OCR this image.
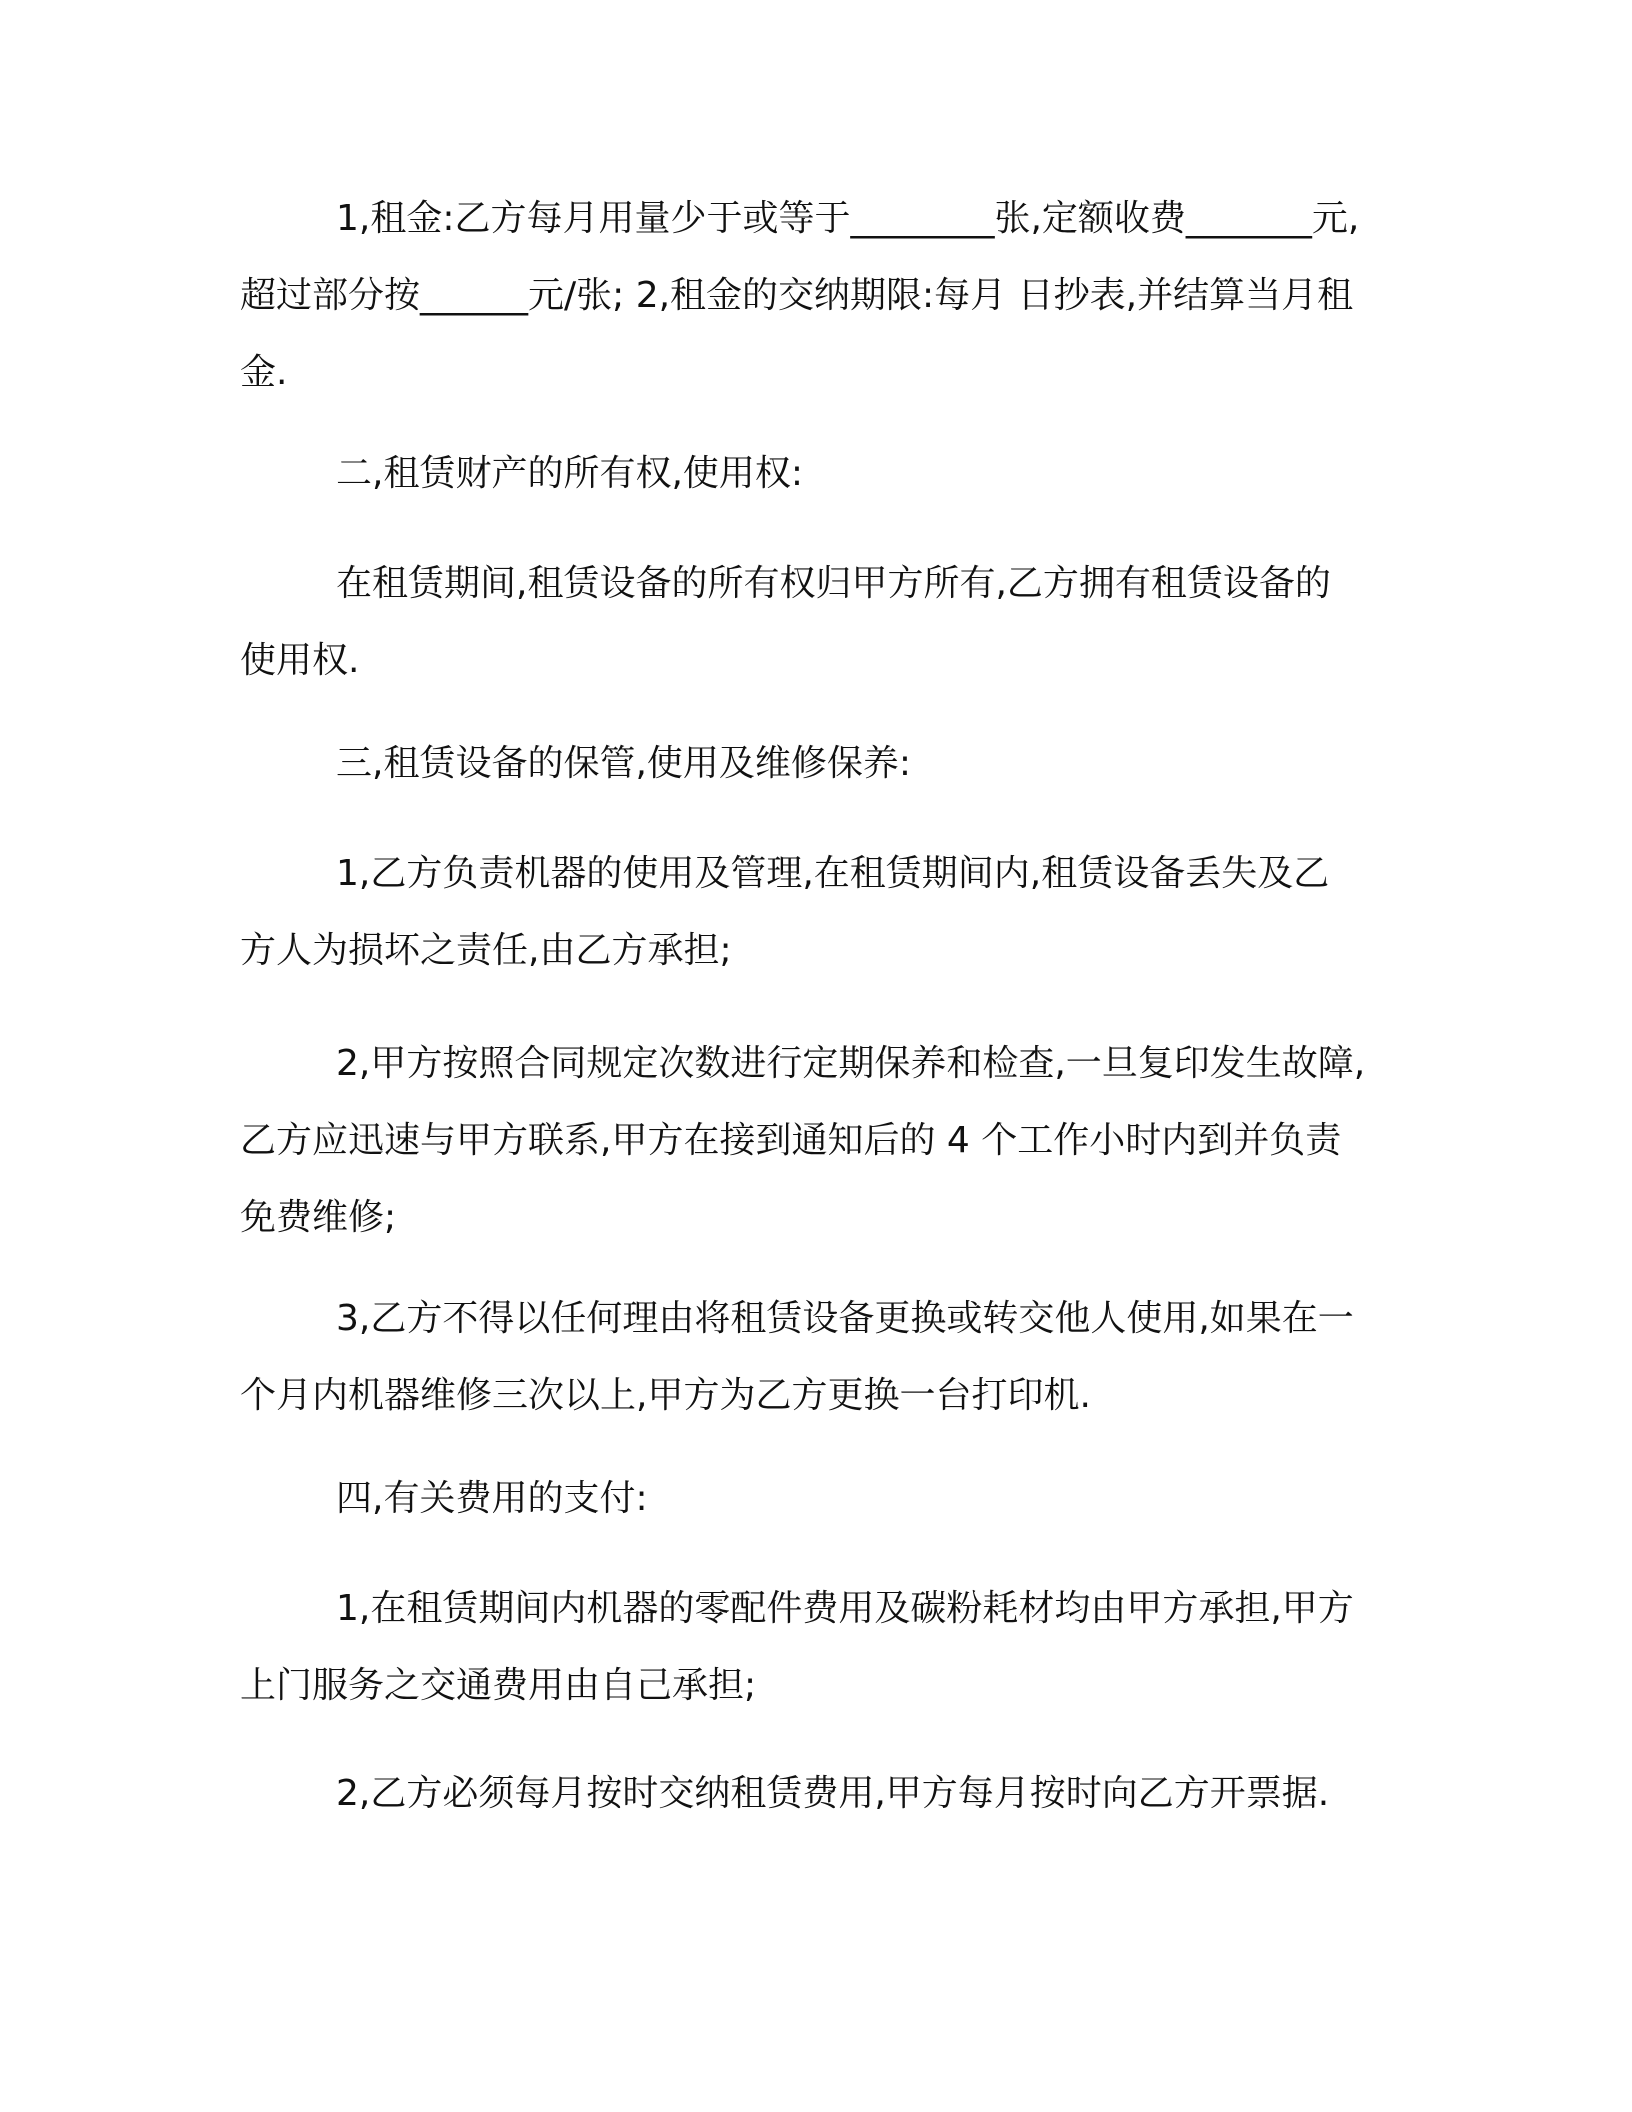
1,租金:乙方每月用量少于或等于________张,定额收费_______元,
超过部分按______元/张; 2,租金的交纳期限:每月 日抄表,并结算当月租
金.

二,租赁财产的所有权,使用权:

在租赁期间,租赁设备的所有权归甲方所有,乙方拥有租赁设备的
使用权.

三,租赁设备的保管,使用及维修保养:

1,乙方负责机器的使用及管理,在租赁期间内,租赁设备丢失及乙
方人为损坏之责任,由乙方承担;

2,甲方按照合同规定次数进行定期保养和检查,一旦复印发生故障,
乙方应迅速与甲方联系,甲方在接到通知后的 4 个工作小时内到并负责
免费维修;

3,乙方不得以任何理由将租赁设备更换或转交他人使用,如果在一
个月内机器维修三次以上,甲方为乙方更换一台打印机.

四,有关费用的支付:

1,在租赁期间内机器的零配件费用及碳粉耗材均由甲方承担,甲方
上门服务之交通费用由自己承担;

2,乙方必须每月按时交纳租赁费用,甲方每月按时向乙方开票据.
